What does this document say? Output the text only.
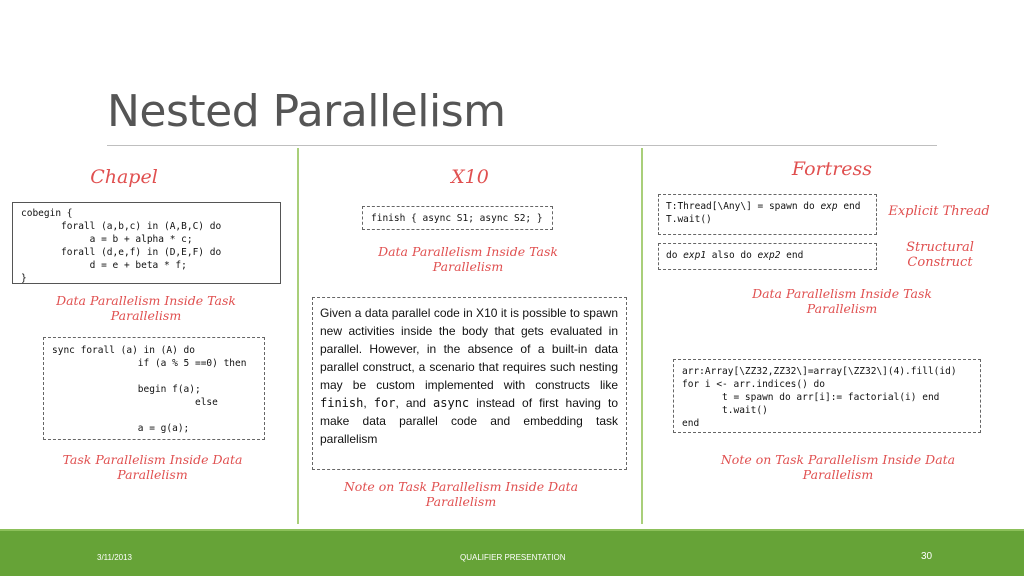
Nested Parallelism
Chapel
cobegin {
forall (a,b,c) in (A,B,C) do
a = b + alpha * c;
forall (d,e,f) in (D,E,F) do
d = e + beta * f;
}
Data Parallelism Inside Task Parallelism
sync forall (a) in (A) do
if (a % 5 ==0) then

begin f(a);
else

a = g(a);
Task Parallelism Inside Data Parallelism
X10
finish { async S1; async S2; }
Data Parallelism Inside Task Parallelism
Given a data parallel code in X10 it is possible to spawn new activities inside the body that gets evaluated in parallel. However, in the absence of a built-in data parallel construct, a scenario that requires such nesting may be custom implemented with constructs like finish, for, and async instead of first having to make data parallel code and embedding task parallelism
Note on Task Parallelism Inside Data Parallelism
Fortress
T:Thread[\Any\] = spawn do exp end
T.wait()
Explicit Thread
do exp1 also do exp2 end
Structural Construct
Data Parallelism Inside Task Parallelism
arr:Array[\ZZ32,ZZ32\]=array[\ZZ32\](4).fill(id)
for i <- arr.indices() do
t = spawn do arr[i]:= factorial(i) end
t.wait()
end
Note on Task Parallelism Inside Data Parallelism
3/11/2013	QUALIFIER PRESENTATION	30
